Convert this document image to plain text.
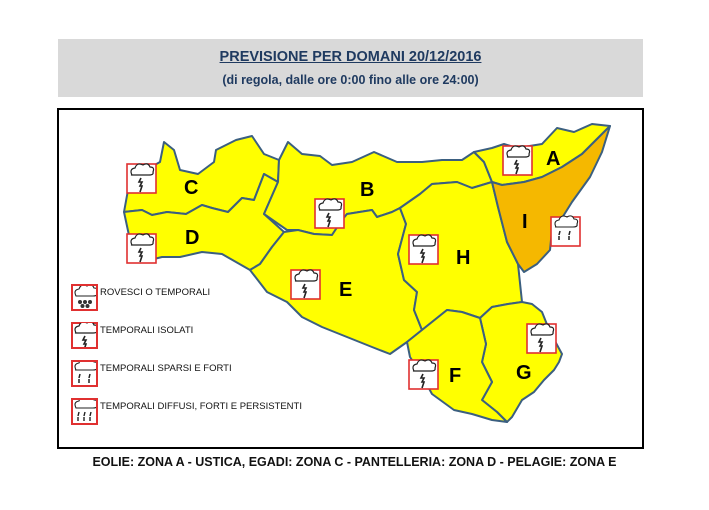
PREVISIONE PER DOMANI 20/12/2016
(di regola, dalle ore 0:00 fino alle ore 24:00)
C
D
B
E
H
A
I
F	G
ROVESCI O TEMPORALI
TEMPORALI ISOLATI
TEMPORALI SPARSI E FORTI
TEMPORALI DIFFUSI, FORTI E PERSISTENTI
EOLIE: ZONA A - USTICA, EGADI: ZONA C - PANTELLERIA: ZONA D - PELAGIE: ZONA E
